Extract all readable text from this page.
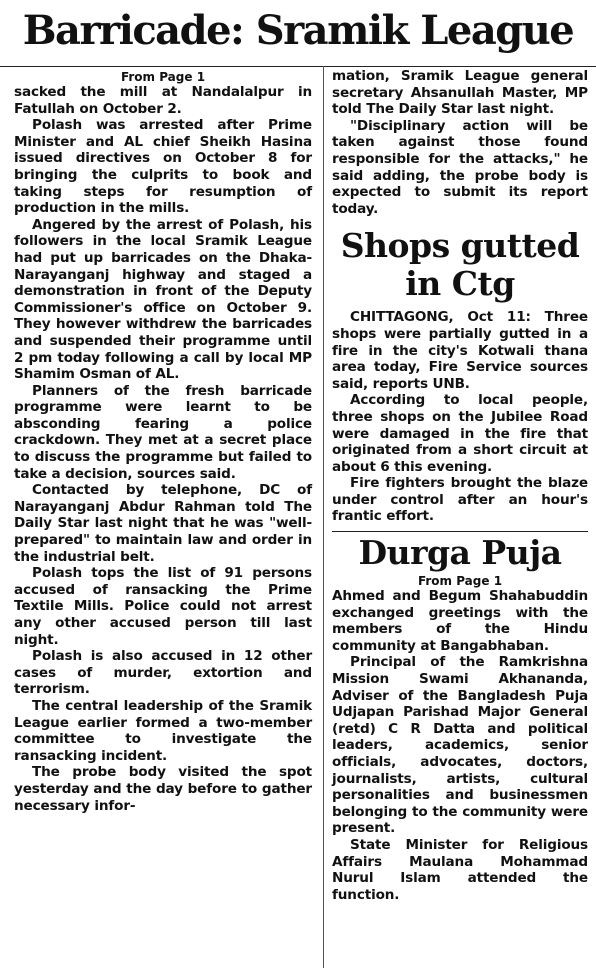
Barricade: Sramik League
From Page 1

sacked the mill at Nandalalpur in Fatullah on October 2.

Polash was arrested after Prime Minister and AL chief Sheikh Hasina issued directives on October 8 for bringing the culprits to book and taking steps for resumption of production in the mills.

Angered by the arrest of Polash, his followers in the local Sramik League had put up barricades on the Dhaka-Narayanganj highway and staged a demonstration in front of the Deputy Commissioner's office on October 9. They however withdrew the barricades and suspended their programme until 2 pm today following a call by local MP Shamim Osman of AL.

Planners of the fresh barricade programme were learnt to be absconding fearing a police crackdown. They met at a secret place to discuss the programme but failed to take a decision, sources said.

Contacted by telephone, DC of Narayanganj Abdur Rahman told The Daily Star last night that he was "well-prepared" to maintain law and order in the industrial belt.

Polash tops the list of 91 persons accused of ransacking the Prime Textile Mills. Police could not arrest any other accused person till last night.

Polash is also accused in 12 other cases of murder, extortion and terrorism.

The central leadership of the Sramik League earlier formed a two-member committee to investigate the ransacking incident.

The probe body visited the spot yesterday and the day before to gather necessary infor-

mation, Sramik League general secretary Ahsanullah Master, MP told The Daily Star last night.

"Disciplinary action will be taken against those found responsible for the attacks," he said adding, the probe body is expected to submit its report today.

Shops gutted in Ctg

CHITTAGONG, Oct 11: Three shops were partially gutted in a fire in the city's Kotwali thana area today, Fire Service sources said, reports UNB.

According to local people, three shops on the Jubilee Road were damaged in the fire that originated from a short circuit at about 6 this evening.

Fire fighters brought the blaze under control after an hour's frantic effort.

Durga Puja
From Page 1

Ahmed and Begum Shahabuddin exchanged greetings with the members of the Hindu community at Bangabhaban.

Principal of the Ramkrishna Mission Swami Akhananda, Adviser of the Bangladesh Puja Udjapan Parishad Major General (retd) C R Datta and political leaders, academics, senior officials, advocates, doctors, journalists, artists, cultural personalities and businessmen belonging to the community were present.

State Minister for Religious Affairs Maulana Mohammad Nurul Islam attended the function.
